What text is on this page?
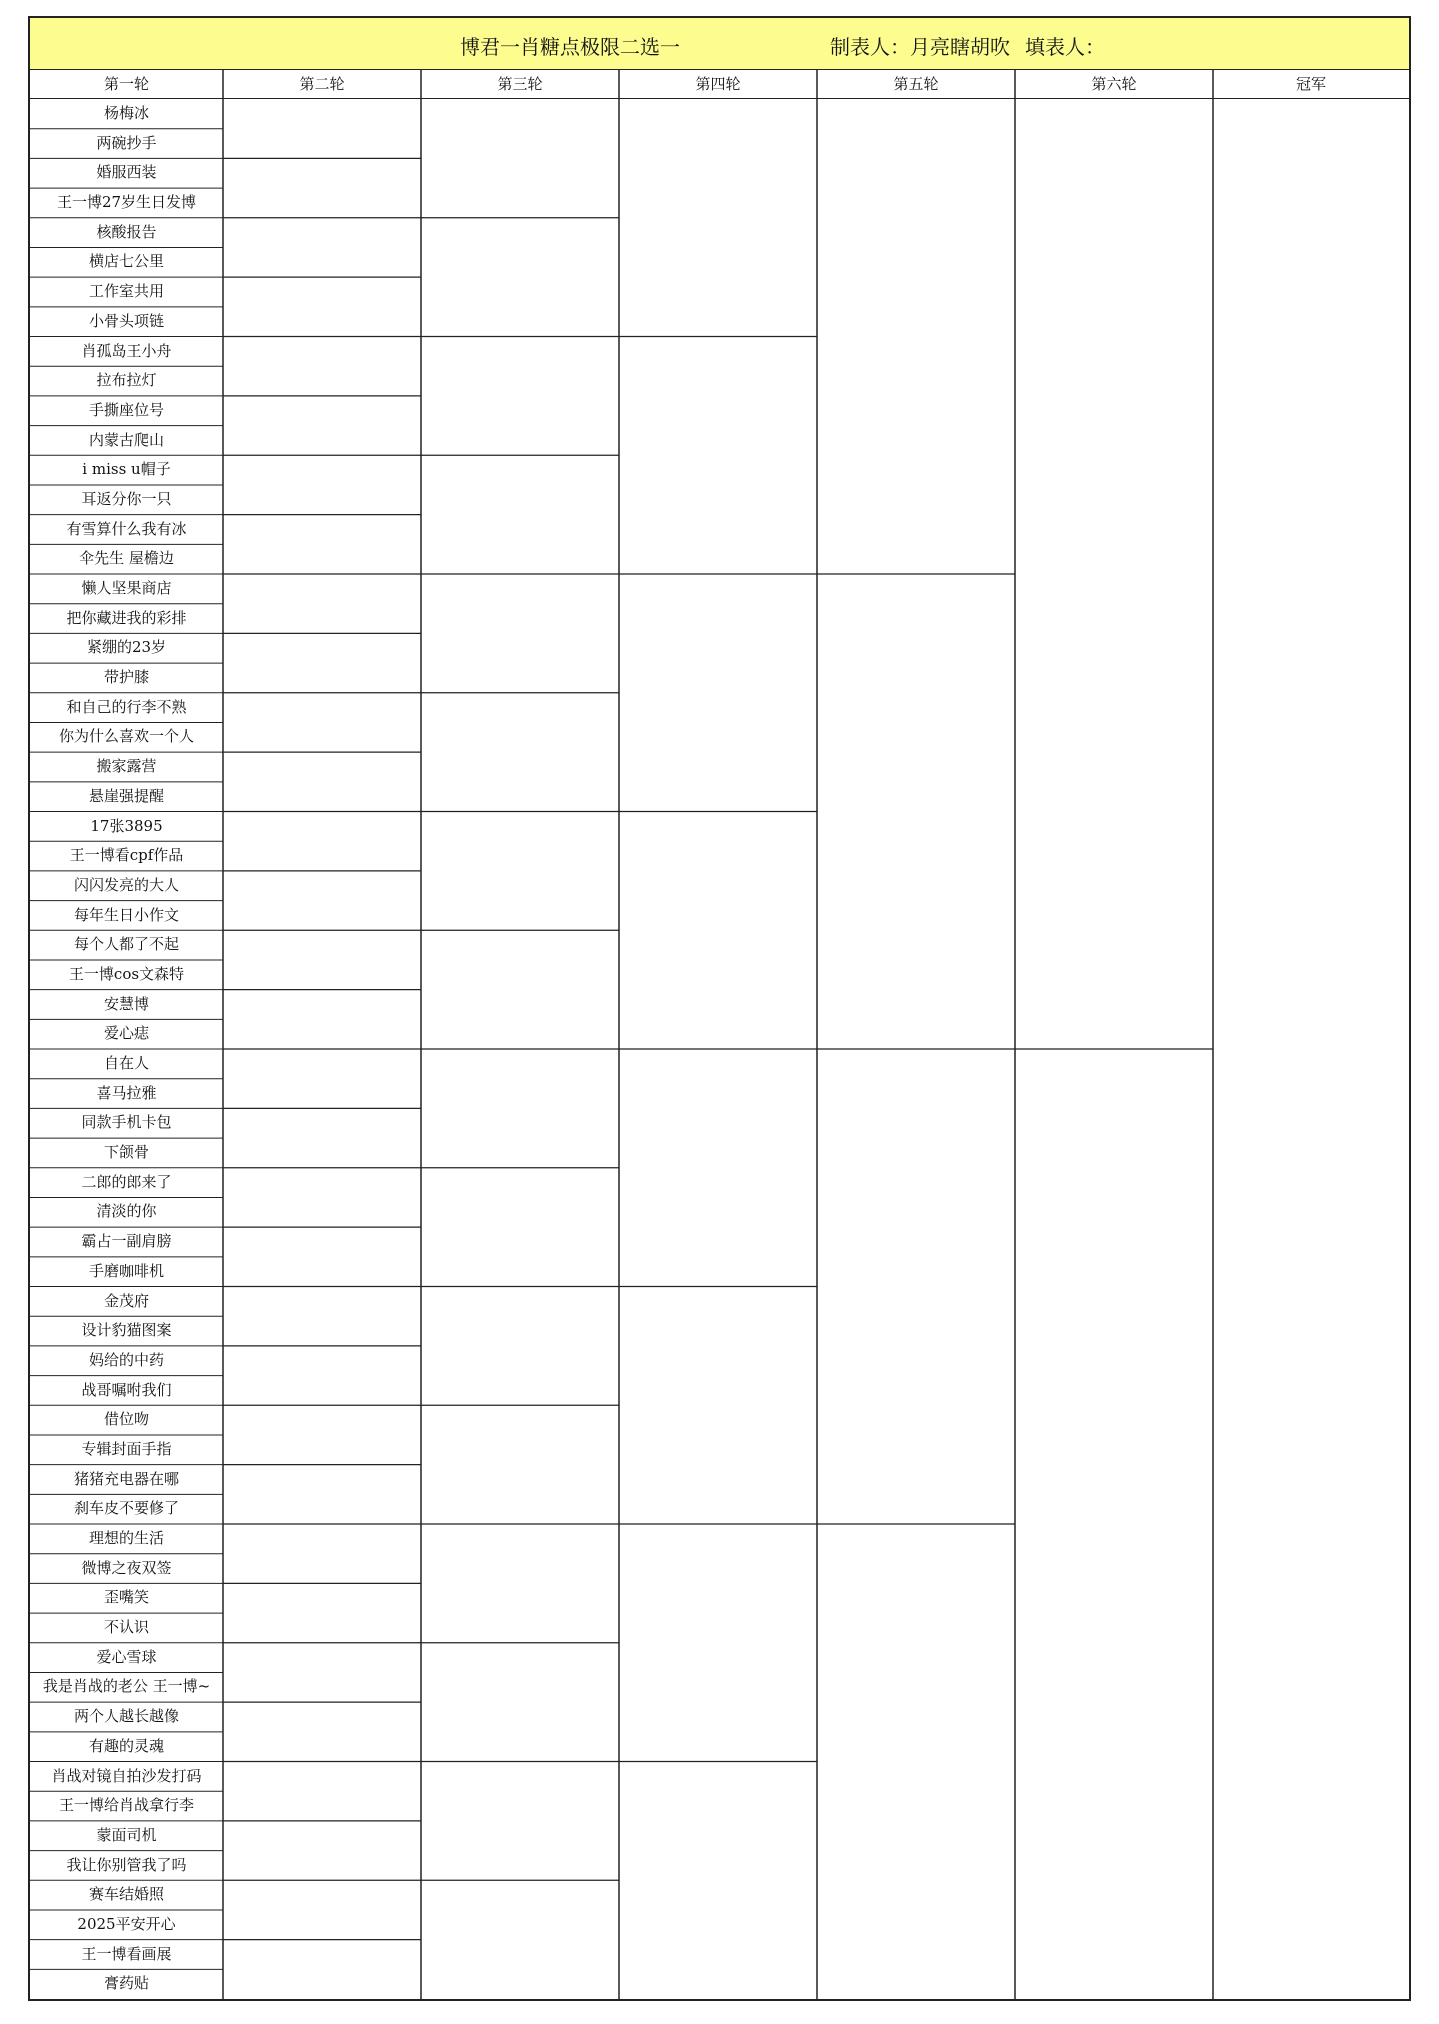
博君一肖糖点极限二选一	制表人：月亮瞎胡吹 填表人：
第一轮	第二轮	第三轮	第四轮	第五轮	第六轮	冠军
杨梅冰
两碗抄手
婚服西装
王一博27岁生日发博
核酸报告
横店七公里
工作室共用
小骨头项链
肖孤岛王小舟
拉布拉灯
手撕座位号
内蒙古爬山
i miss u帽子
耳返分你一只
有雪算什么我有冰
伞先生 屋檐边
懒人坚果商店
把你藏进我的彩排
紧绷的23岁
带护膝
和自己的行李不熟
你为什么喜欢一个人
搬家露营
悬崖强提醒
17张3895
王一博看cpf作品
闪闪发亮的大人
每年生日小作文
每个人都了不起
王一博cos文森特
安慧博
爱心痣
自在人
喜马拉雅
同款手机卡包
下颌骨
二郎的郎来了
清淡的你
霸占一副肩膀
手磨咖啡机
金茂府
设计豹猫图案
妈给的中药
战哥嘱咐我们
借位吻
专辑封面手指
猪猪充电器在哪
刹车皮不要修了
理想的生活
微博之夜双签
歪嘴笑
不认识
爱心雪球
我是肖战的老公 王一博~
两个人越长越像
有趣的灵魂
肖战对镜自拍沙发打码
王一博给肖战拿行李
蒙面司机
我让你别管我了吗
赛车结婚照
2025平安开心
王一博看画展
膏药贴
